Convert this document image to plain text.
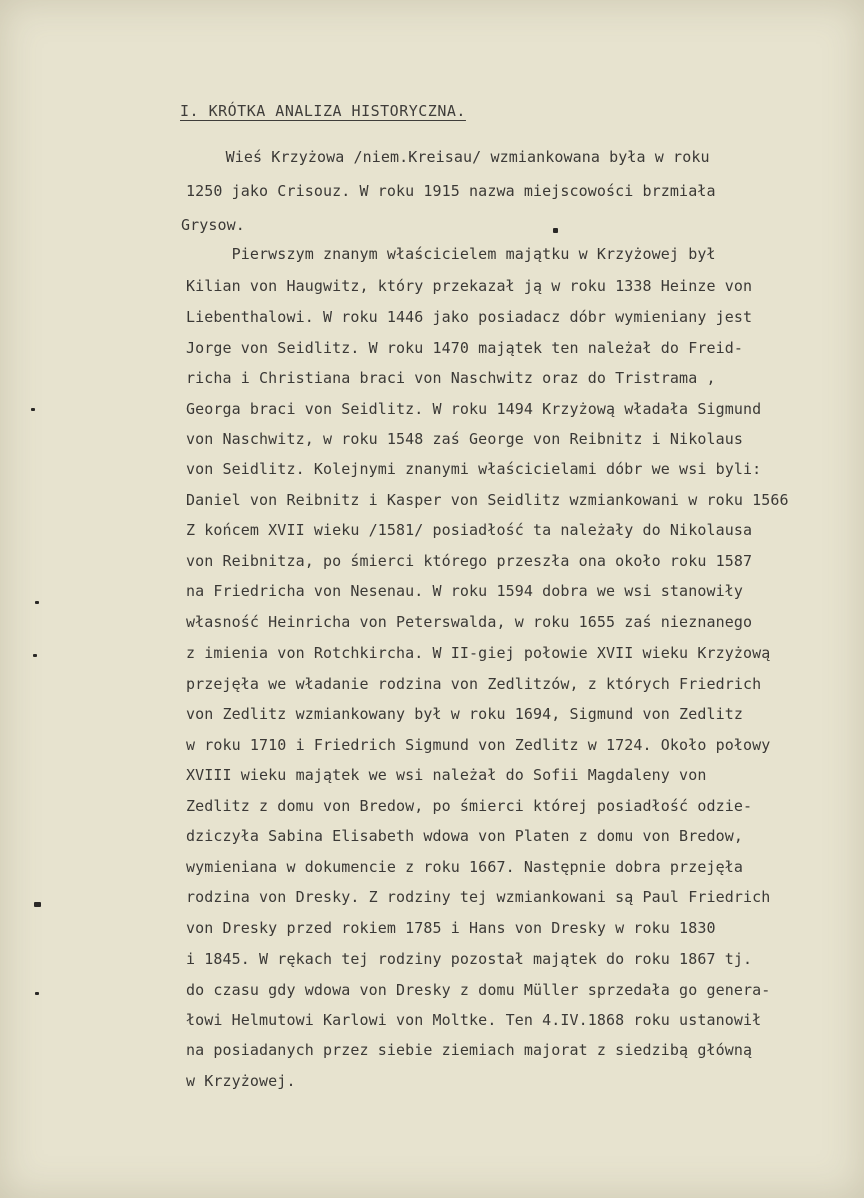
I. KRÓTKA ANALIZA HISTORYCZNA.
Wieś Krzyżowa /niem.Kreisau/ wzmiankowana była w roku
1250 jako Crisouz. W roku 1915 nazwa miejscowości brzmiała
Grysow.
Pierwszym znanym właścicielem majątku w Krzyżowej był
Kilian von Haugwitz, który przekazał ją w roku 1338 Heinze von
Liebenthalowi. W roku 1446 jako posiadacz dóbr wymieniany jest
Jorge von Seidlitz. W roku 1470 majątek ten należał do Freid-
richa i Christiana braci von Naschwitz oraz do Tristrama ,
Georga braci von Seidlitz. W roku 1494 Krzyżową władała Sigmund
von Naschwitz, w roku 1548 zaś George von Reibnitz i Nikolaus
von Seidlitz. Kolejnymi znanymi właścicielami dóbr we wsi byli:
Daniel von Reibnitz i Kasper von Seidlitz wzmiankowani w roku 1566
Z końcem XVII wieku /1581/ posiadłość ta należały do Nikolausa
von Reibnitza, po śmierci którego przeszła ona około roku 1587
na Friedricha von Nesenau. W roku 1594 dobra we wsi stanowiły
własność Heinricha von Peterswalda, w roku 1655 zaś nieznanego
z imienia von Rotchkircha. W II-giej połowie XVII wieku Krzyżową
przejęła we władanie rodzina von Zedlitzów, z których Friedrich
von Zedlitz wzmiankowany był w roku 1694, Sigmund von Zedlitz
w roku 1710 i Friedrich Sigmund von Zedlitz w 1724. Około połowy
XVIII wieku majątek we wsi należał do Sofii Magdaleny von
Zedlitz z domu von Bredow, po śmierci której posiadłość odzie-
dziczyła Sabina Elisabeth wdowa von Platen z domu von Bredow,
wymieniana w dokumencie z roku 1667. Następnie dobra przejęła
rodzina von Dresky. Z rodziny tej wzmiankowani są Paul Friedrich
von Dresky przed rokiem 1785 i Hans von Dresky w roku 1830
i 1845. W rękach tej rodziny pozostał majątek do roku 1867 tj.
do czasu gdy wdowa von Dresky z domu Müller sprzedała go genera-
łowi Helmutowi Karlowi von Moltke. Ten 4.IV.1868 roku ustanowił
na posiadanych przez siebie ziemiach majorat z siedzibą główną
w Krzyżowej.
